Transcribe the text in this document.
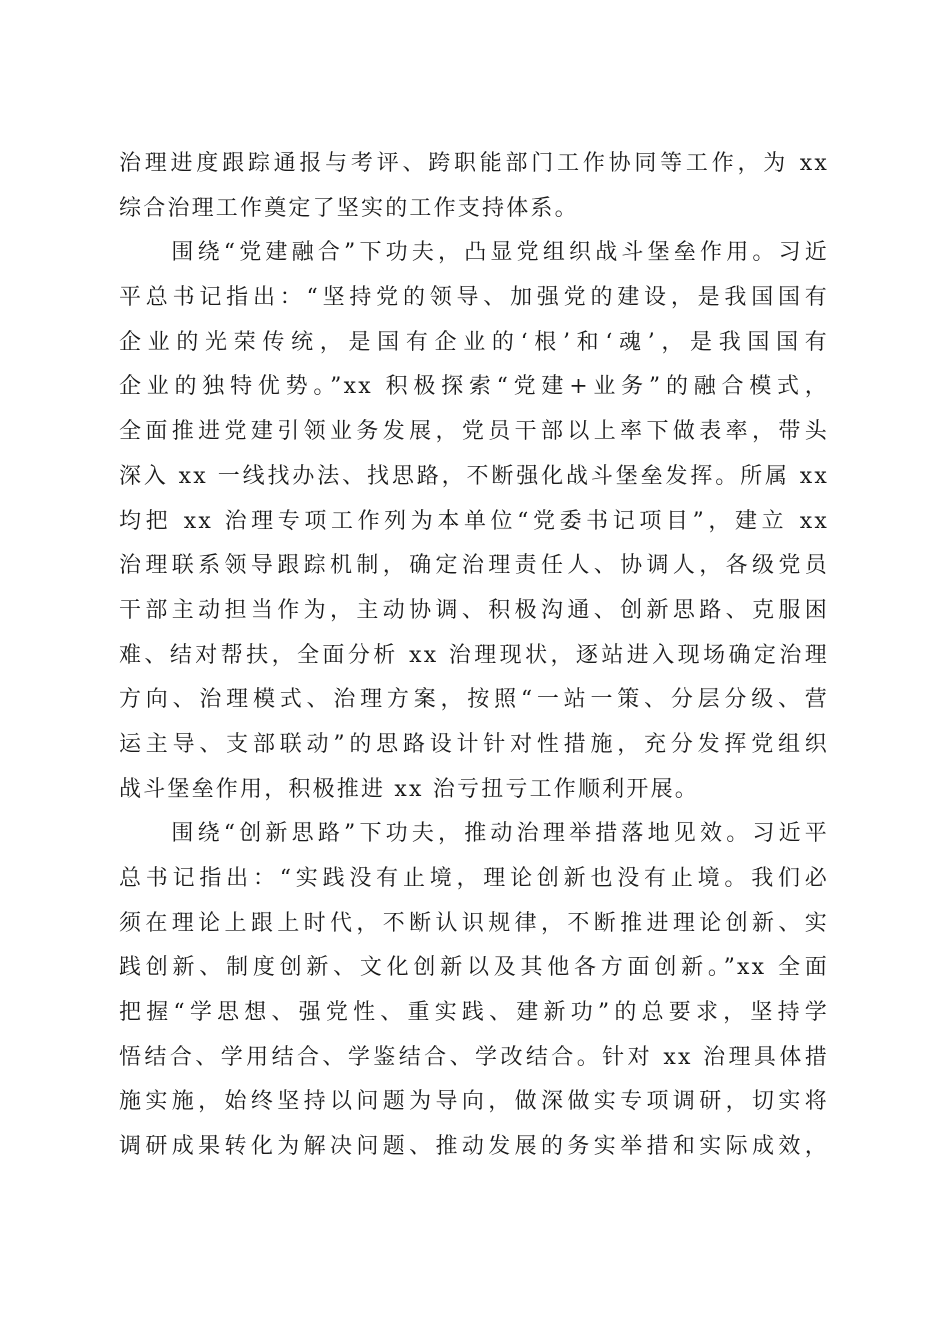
治理进度跟踪通报与考评、跨职能部门工作协同等工作，为 xx
综合治理工作奠定了坚实的工作支持体系。
　　围绕“党建融合”下功夫，凸显党组织战斗堡垒作用。习近
平总书记指出：“坚持党的领导、加强党的建设，是我国国有
企业的光荣传统，是国有企业的‘根’和‘魂’，是我国国有
企业的独特优势。”xx 积极探索“党建+业务”的融合模式，
全面推进党建引领业务发展，党员干部以上率下做表率，带头
深入 xx 一线找办法、找思路，不断强化战斗堡垒发挥。所属 xx
均把 xx 治理专项工作列为本单位“党委书记项目”，建立 xx
治理联系领导跟踪机制，确定治理责任人、协调人，各级党员
干部主动担当作为，主动协调、积极沟通、创新思路、克服困
难、结对帮扶，全面分析 xx 治理现状，逐站进入现场确定治理
方向、治理模式、治理方案，按照“一站一策、分层分级、营
运主导、支部联动”的思路设计针对性措施，充分发挥党组织
战斗堡垒作用，积极推进 xx 治亏扭亏工作顺利开展。
　　围绕“创新思路”下功夫，推动治理举措落地见效。习近平
总书记指出：“实践没有止境，理论创新也没有止境。我们必
须在理论上跟上时代，不断认识规律，不断推进理论创新、实
践创新、制度创新、文化创新以及其他各方面创新。”xx 全面
把握“学思想、强党性、重实践、建新功”的总要求，坚持学
悟结合、学用结合、学鉴结合、学改结合。针对 xx 治理具体措
施实施，始终坚持以问题为导向，做深做实专项调研，切实将
调研成果转化为解决问题、推动发展的务实举措和实际成效，
